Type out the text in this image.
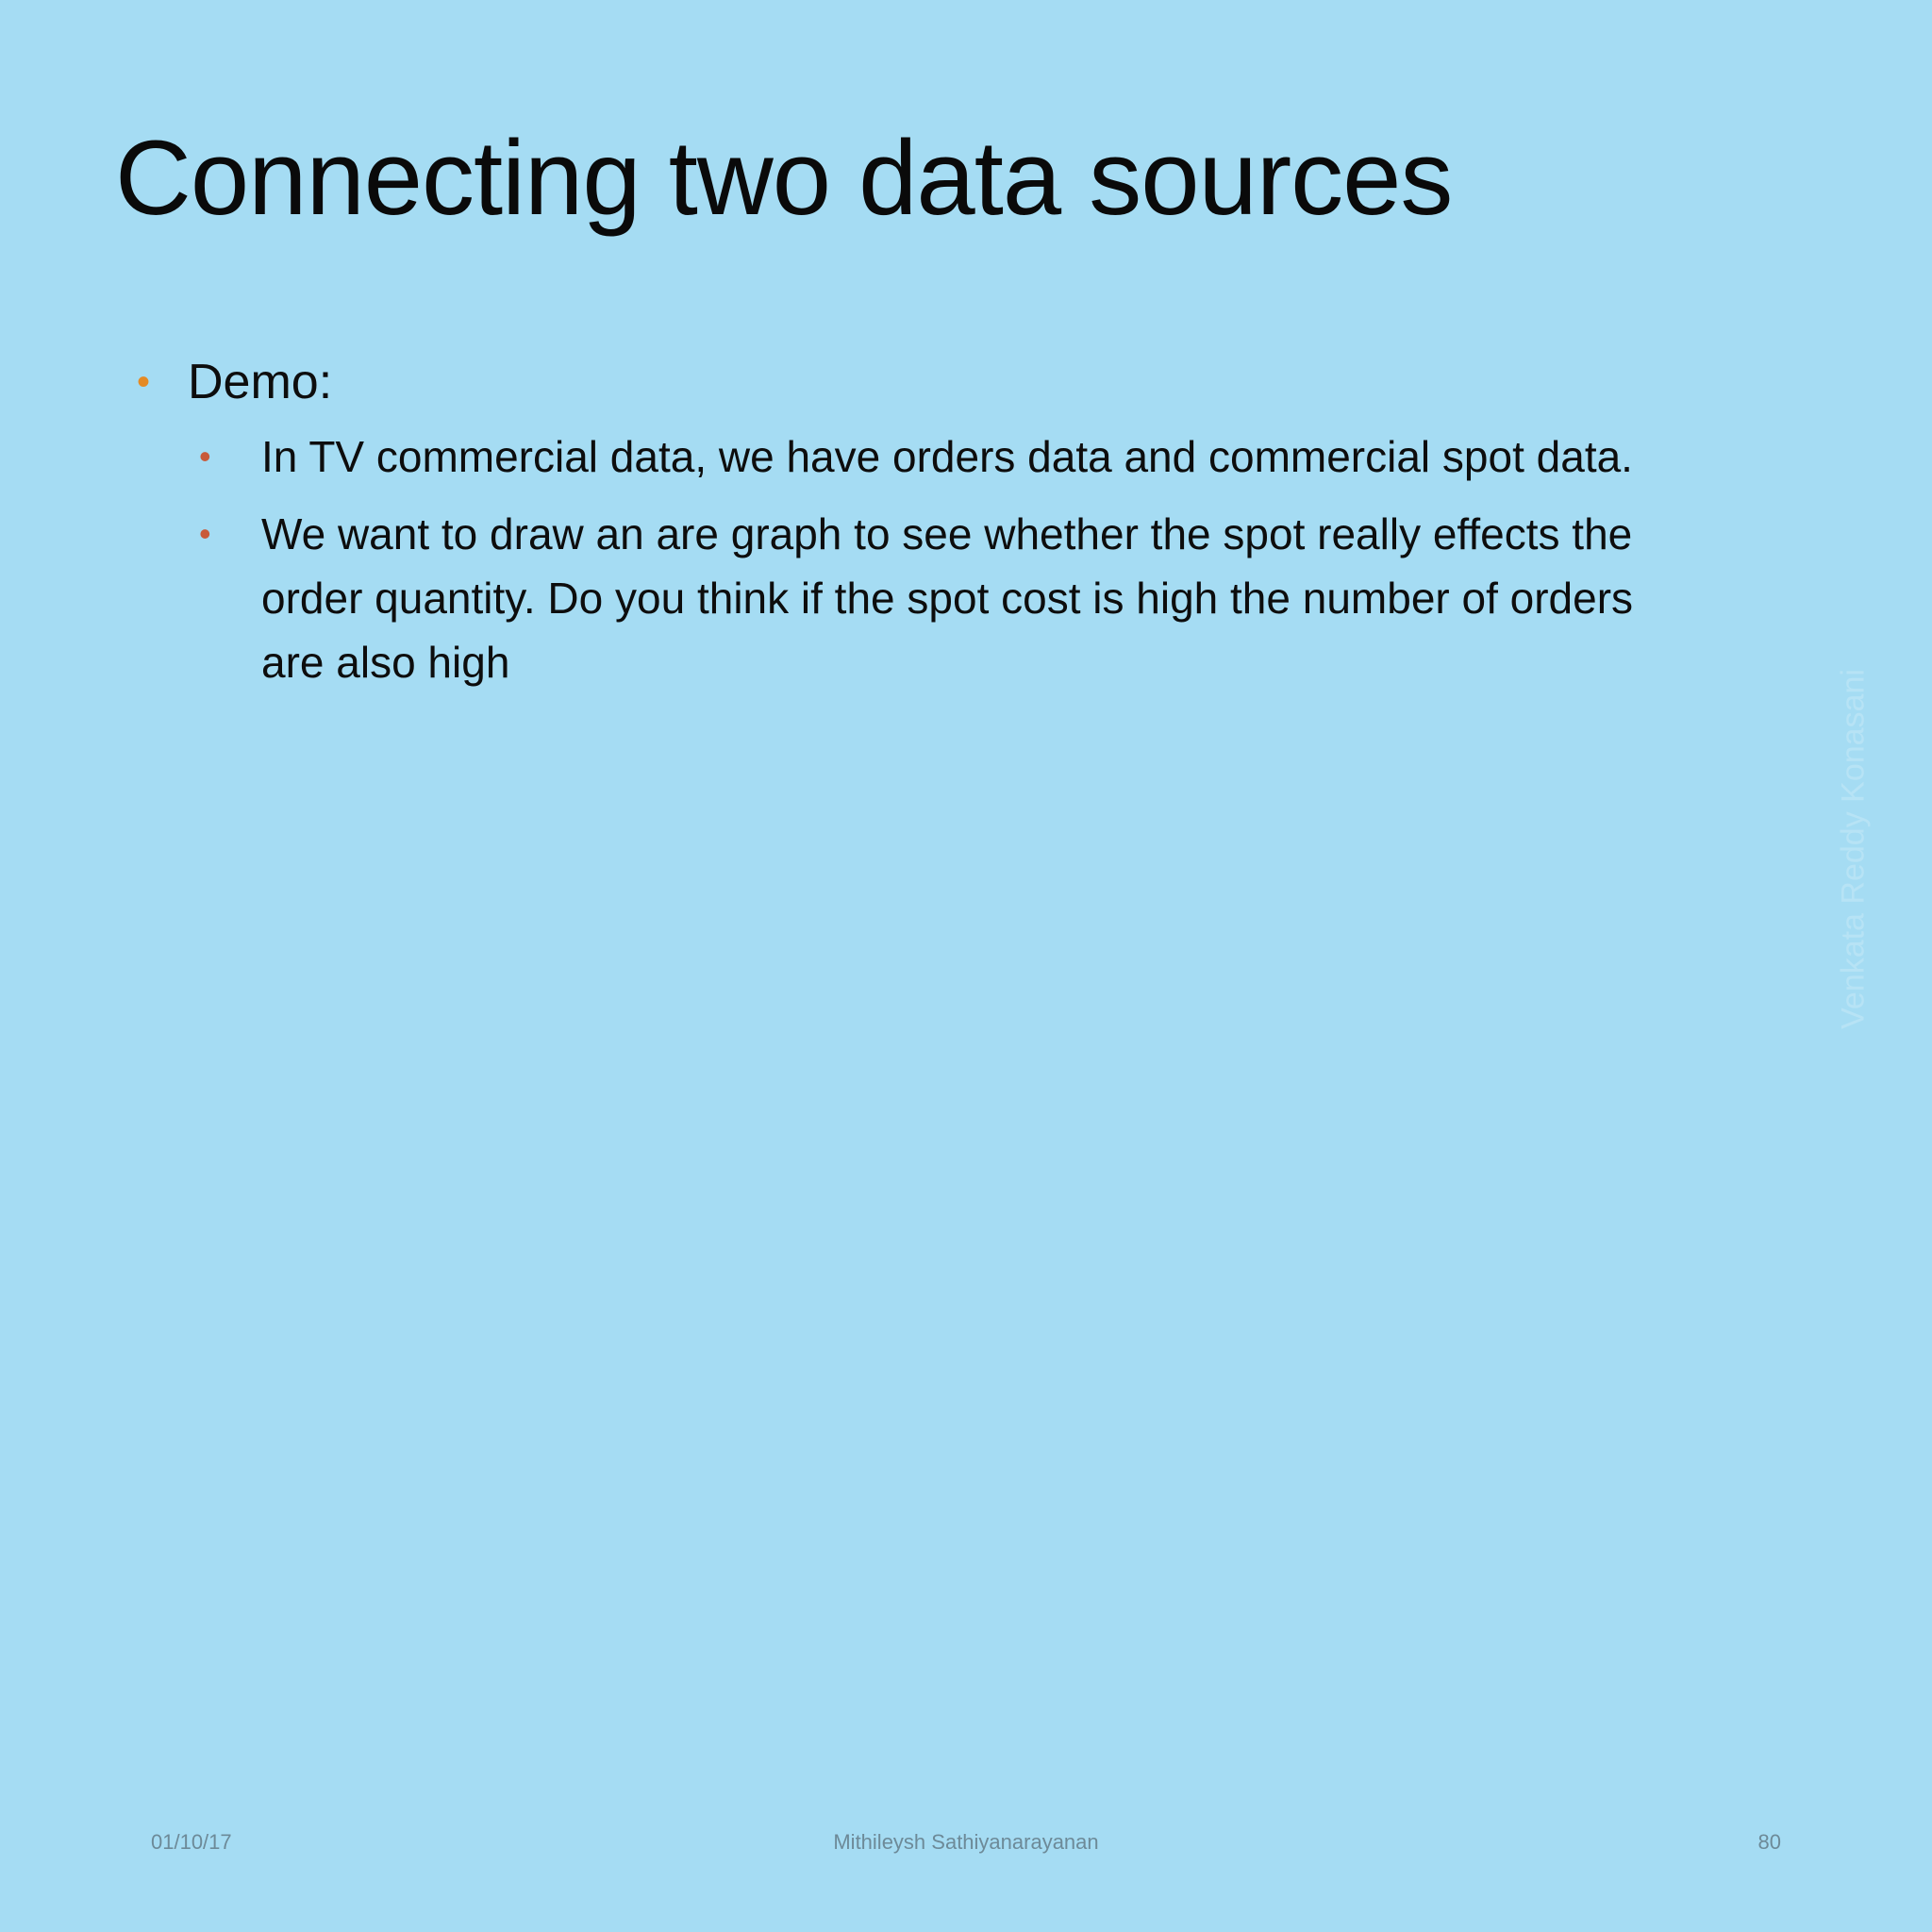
Connecting two data sources
• Demo:
• In TV commercial data, we have orders data and commercial spot data.
• We want to draw an are graph to see whether the spot really effects the order quantity. Do you think if the spot cost is high the number of orders are also high
Venkata Reddy Konasani
01/10/17	Mithileysh Sathiyanarayanan	80
